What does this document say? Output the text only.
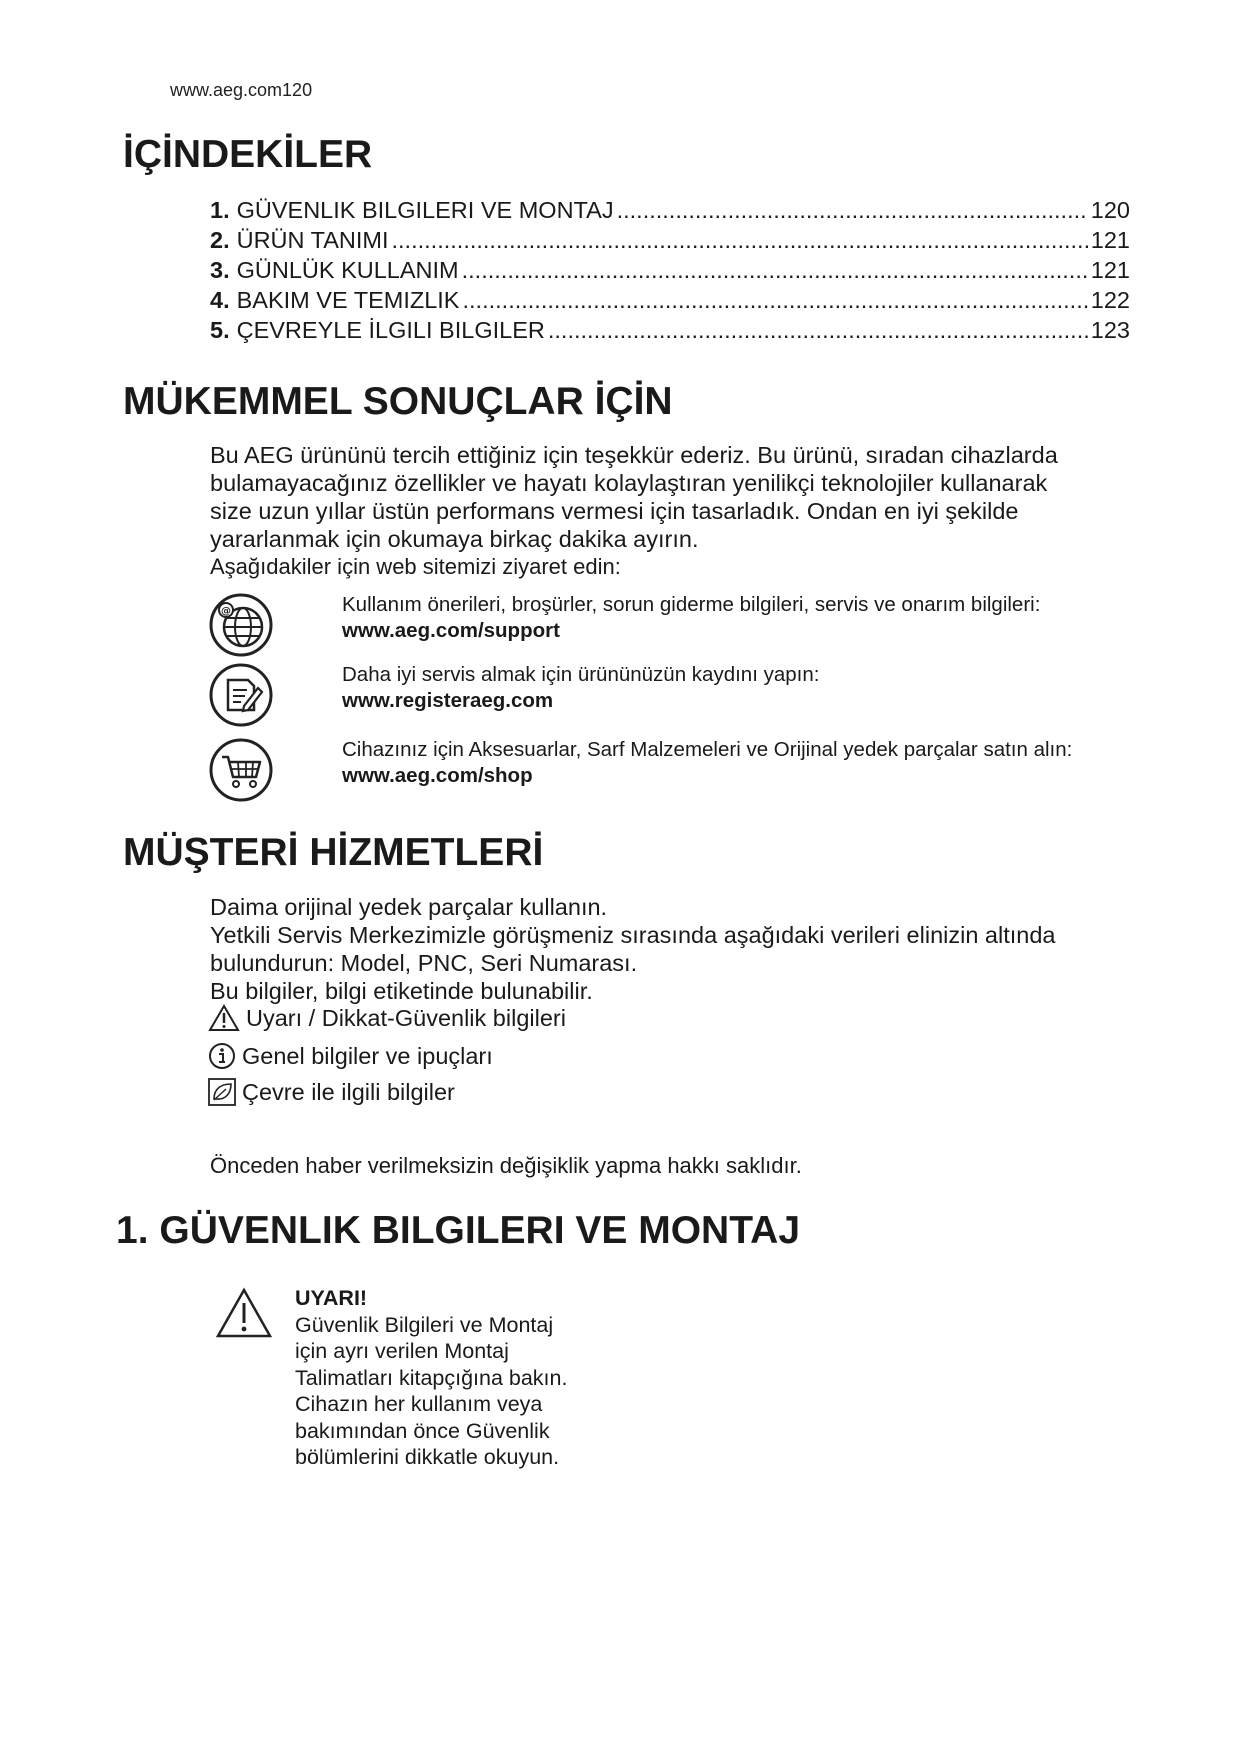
www.aeg.com120
İÇİNDEKİLER
1. GÜVENLIK BILGILERI VE MONTAJ .....	120
2. ÜRÜN TANIMI .....	121
3. GÜNLÜK KULLANIM .....	121
4. BAKIM VE TEMIZLIK .....	122
5. ÇEVREYLE İLGILI BILGILER .....	123
MÜKEMMEL SONUÇLAR İÇİN

Bu AEG ürününü tercih ettiğiniz için teşekkür ederiz. Bu ürünü, sıradan cihazlarda

bulamayacağınız özellikler ve hayatı kolaylaştıran yenilikçi teknolojiler kullanarak

size uzun yıllar üstün performans vermesi için tasarladık. Ondan en iyi şekilde

yararlanmak için okumaya birkaç dakika ayırın.

Aşağıdakiler için web sitemizi ziyaret edin:

@	Kullanım önerileri, broşürler, sorun giderme bilgileri, servis ve onarım bilgileri:
www.aeg.com/support
Daha iyi servis almak için ürününüzün kaydını yapın:
www.registeraeg.com
Cihazınız için Aksesuarlar, Sarf Malzemeleri ve Orijinal yedek parçalar satın alın:
www.aeg.com/shop
MÜŞTERİ HİZMETLERİ

Daima orijinal yedek parçalar kullanın.

Yetkili Servis Merkezimizle görüşmeniz sırasında aşağıdaki verileri elinizin altında

bulundurun: Model, PNC, Seri Numarası.

Bu bilgiler, bilgi etiketinde bulunabilir.

Uyarı / Dikkat-Güvenlik bilgileri
Genel bilgiler ve ipuçları
Çevre ile ilgili bilgiler
Önceden haber verilmeksizin değişiklik yapma hakkı saklıdır.
1. GÜVENLIK BILGILERI VE MONTAJ
UYARI!
Güvenlik Bilgileri ve Montaj
için ayrı verilen Montaj
Talimatları kitapçığına bakın.
Cihazın her kullanım veya
bakımından önce Güvenlik
bölümlerini dikkatle okuyun.
